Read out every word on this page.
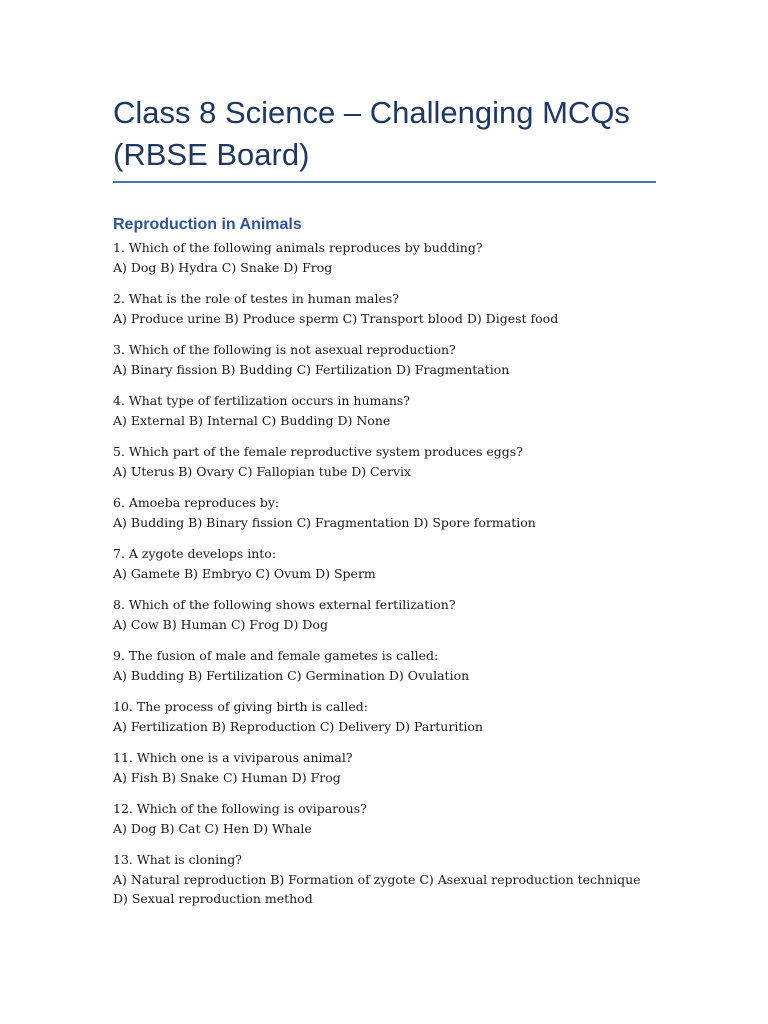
Class 8 Science – Challenging MCQs (RBSE Board)
Reproduction in Animals

1. Which of the following animals reproduces by budding?

A) Dog B) Hydra C) Snake D) Frog

2. What is the role of testes in human males?

A) Produce urine B) Produce sperm C) Transport blood D) Digest food

3. Which of the following is not asexual reproduction?

A) Binary fission B) Budding C) Fertilization D) Fragmentation

4. What type of fertilization occurs in humans?

A) External B) Internal C) Budding D) None

5. Which part of the female reproductive system produces eggs?

A) Uterus B) Ovary C) Fallopian tube D) Cervix

6. Amoeba reproduces by:

A) Budding B) Binary fission C) Fragmentation D) Spore formation

7. A zygote develops into:

A) Gamete B) Embryo C) Ovum D) Sperm

8. Which of the following shows external fertilization?

A) Cow B) Human C) Frog D) Dog

9. The fusion of male and female gametes is called:

A) Budding B) Fertilization C) Germination D) Ovulation

10. The process of giving birth is called:

A) Fertilization B) Reproduction C) Delivery D) Parturition

11. Which one is a viviparous animal?

A) Fish B) Snake C) Human D) Frog

12. Which of the following is oviparous?

A) Dog B) Cat C) Hen D) Whale

13. What is cloning?

A) Natural reproduction B) Formation of zygote C) Asexual reproduction technique D) Sexual reproduction method
